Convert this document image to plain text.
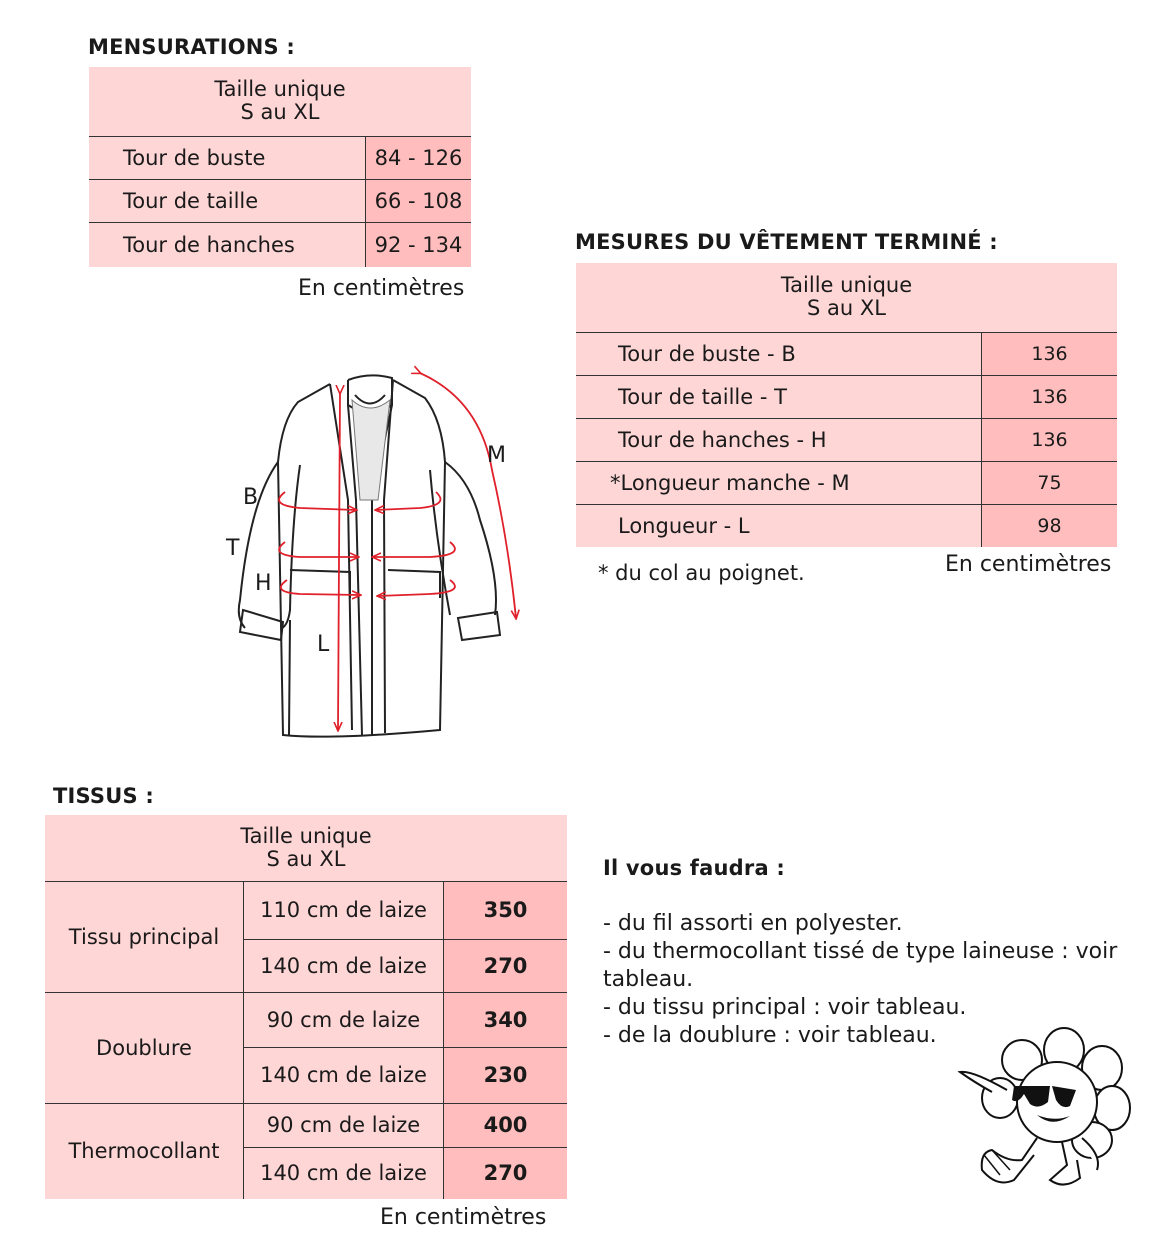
MENSURATIONS :
Taille unique
S au XL	

Tour de buste	84 - 126
Tour de taille	66 - 108
Tour de hanches	92 - 134
En centimètres
MESURES DU VÊTEMENT TERMINÉ :
Taille unique
S au XL	

Tour de buste - B	136
Tour de taille - T	136
Tour de hanches - H	136
*Longueur manche - M	75
Longueur - L	98
* du col au poignet.	En centimètres
B
T
H
L
M
TISSUS :
Taille unique
S au XL		

Tissu principal	110 cm de laize	350
	140 cm de laize	270
Doublure	90 cm de laize	340
	140 cm de laize	230
Thermocollant	90 cm de laize	400
	140 cm de laize	270
En centimètres
Il vous faudra :
- du fil assorti en polyester.
- du thermocollant tissé de type laineuse : voir tableau.
- du tissu principal : voir tableau.
- de la doublure : voir tableau.
